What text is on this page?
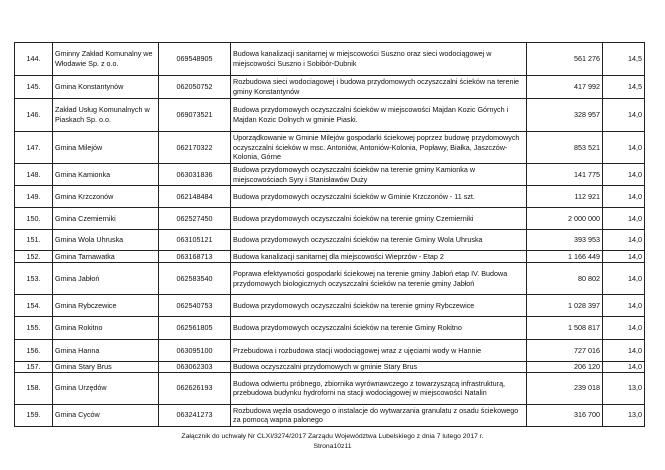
144.	Gminny Zakład Komunalny we Włodawie Sp. z o.o.	069548905	Budowa kanalizacji sanitarnej w miejscowości Suszno oraz sieci wodociągowej w miejscowości Suszno i Sobibór-Dubnik	561 276	14,5
145.	Gmina Konstantynów	062050752	Rozbudowa sieci wodociagowej i budowa przydomowych oczyszczalni ścieków na terenie gminy Konstantynów	417 992	14,5
146.	Zakład Usług Komunalnych w Piaskach Sp. o.o.	069073521	Budowa przydomowych oczyszczalni ścieków w miejscowości Majdan Kozic Górnych i Majdan Kozic Dolnych w gminie Piaski.	328 957	14,0
147.	Gmina Milejów	062170322	Uporządkowanie w Gminie Milejów gospodarki ściekowej poprzez budowę przydomowych oczyszczalni ścieków w msc. Antoniów, Antoniów-Kolonia, Popławy, Białka, Jaszczów-Kolonia, Górne	853 521	14,0
148.	Gmina Kamionka	063031836	Budowa przydomowych oczyszczalni ścieków na terenie gminy Kamionka w miejscowościach Syry i Stanisławów Duży	141 775	14,0
149.	Gmina Krzczonów	062148484	Budowa przydomowych oczyszczalni ścieków w Gminie Krzczonów - 11 szt.	112 921	14,0
150.	Gmina Czemierniki	062527450	Budowa przydomowych oczyszczalni ścieków na terenie gminy Czemierniki	2 000 000	14,0
151.	Gmina Wola Uhruska	063105121	Budowa przydomowych oczyszczalni ścieków na terenie Gminy Wola Uhruska	393 953	14,0
152.	Gmina Tarnawatka	063168713	Budowa kanalizacji sanitarnej dla miejscowości Wieprzów - Etap 2	1 166 449	14,0
153.	Gmina Jabłoń	062583540	Poprawa efektywności gospodarki ściekowej na terenie gminy Jabłoń etap IV. Budowa przydomowych biologicznych oczyszczalni ścieków na terenie gminy Jabłoń	80 802	14,0
154.	Gmina Rybczewice	062540753	Budowa przydomowych oczyszczalni ścieków na terenie gminy Rybczewice	1 028 397	14,0
155.	Gmina Rokitno	062561805	Budowa przydomowych oczyszczalni ścieków na terenie Gminy Rokitno	1 508 817	14,0
156.	Gmina Hanna	063095100	Przebudowa i rozbudowa stacji wodociągowej wraz z ujęciami wody w Hannie	727 016	14,0
157.	Gmina Stary Brus	063062303	Budowa oczyszczalni przydomowych w gminie Stary Brus	206 120	14,0
158.	Gmina Urzędów	062626193	Budowa odwiertu próbnego, zbiornika wyrównawczego z towarzyszącą infrastrukturą, przebudowa budynku hydroforni na stacji wodociągowej w miejscowości Natalin	239 018	13,0
159.	Gmina Cyców	063241273	Rozbudowa węzła osadowego o instalacje do wytwarzania granulatu z osadu ściekowego za pomocą wapna palonego	316 700	13,0
Załącznik do uchwały Nr CLXI/3274/2017 Zarządu Województwa Lubelskiego z dnia 7 lutego 2017 r.
Strona10z11
